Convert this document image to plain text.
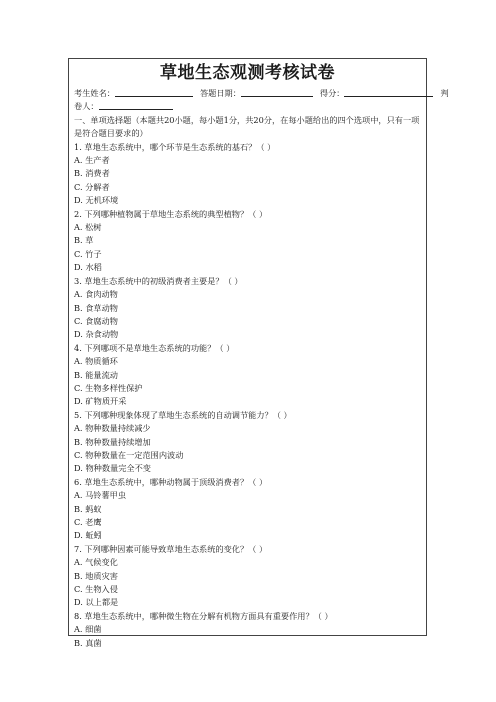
草地生态观测考核试卷
考生姓名：	答题日期：	得分：	判
卷人：
一、单项选择题（本题共20小题，每小题1分，共20分，在每小题给出的四个选项中，只有一项是符合题目要求的）
1. 草地生态系统中，哪个环节是生态系统的基石？（ ）
A. 生产者
B. 消费者
C. 分解者
D. 无机环境
2. 下列哪种植物属于草地生态系统的典型植物？（ ）
A. 松树
B. 草
C. 竹子
D. 水稻
3. 草地生态系统中的初级消费者主要是？（ ）
A. 食肉动物
B. 食草动物
C. 食腐动物
D. 杂食动物
4. 下列哪项不是草地生态系统的功能？（ ）
A. 物质循环
B. 能量流动
C. 生物多样性保护
D. 矿物质开采
5. 下列哪种现象体现了草地生态系统的自动调节能力？（ ）
A. 物种数量持续减少
B. 物种数量持续增加
C. 物种数量在一定范围内波动
D. 物种数量完全不变
6. 草地生态系统中，哪种动物属于顶级消费者？（ ）
A. 马铃薯甲虫
B. 蚂蚁
C. 老鹰
D. 蚯蚓
7. 下列哪种因素可能导致草地生态系统的变化？（ ）
A. 气候变化
B. 地质灾害
C. 生物入侵
D. 以上都是
8. 草地生态系统中，哪种微生物在分解有机物方面具有重要作用？（ ）
A. 细菌
B. 真菌
